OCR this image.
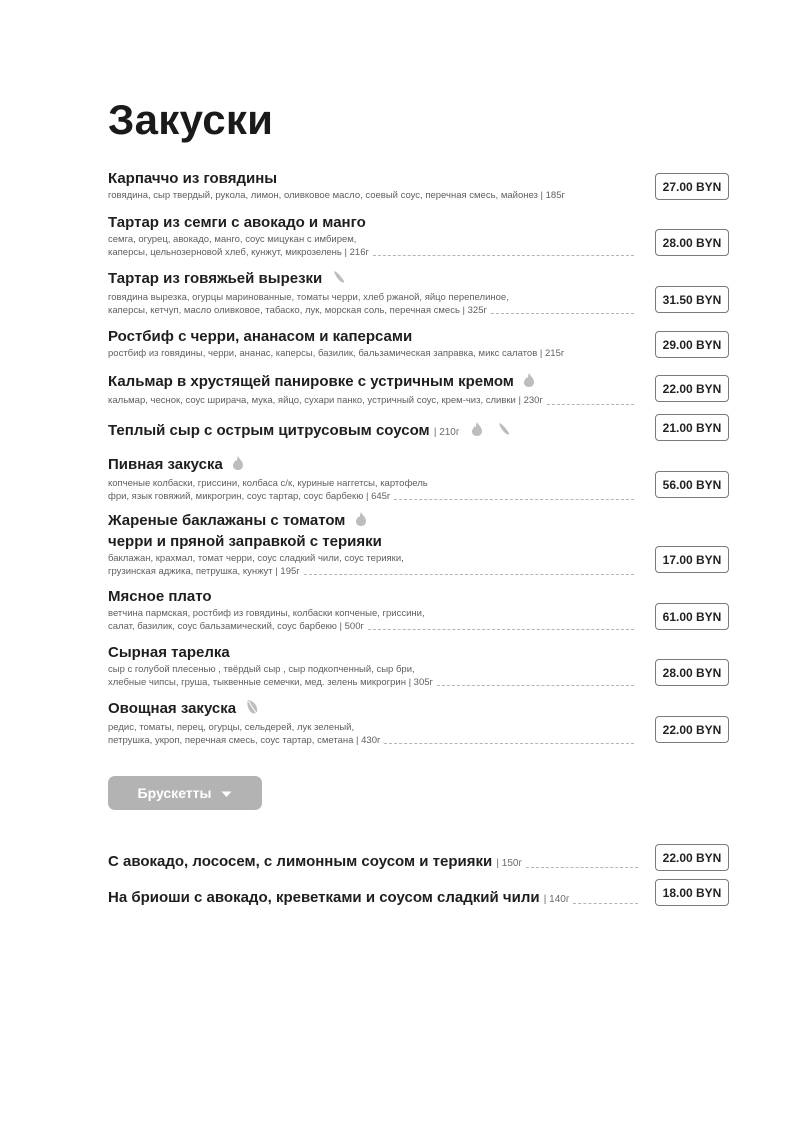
Закуски
Карпаччо из говядины
говядина, сыр твердый, рукола, лимон, оливковое масло, соевый соус, перечная смесь, майонез | 185г
27.00 BYN
Тартар из семги с авокадо и манго
семга, огурец, авокадо, манго, соус мицукан с имбирем,
каперсы, цельнозерновой хлеб, кунжут, микрозелень | 216г
28.00 BYN
Тартар из говяжьей вырезки
говядина вырезка, огурцы маринованные, томаты черри, хлеб ржаной, яйцо перепелиное,
каперсы, кетчуп, масло оливковое, табаско, лук, морская соль, перечная смесь | 325г
31.50 BYN
Ростбиф с черри, ананасом и каперсами
ростбиф из говядины, черри, ананас, каперсы, базилик, бальзамическая заправка, микс салатов | 215г
29.00 BYN
Кальмар в хрустящей панировке с устричным кремом
кальмар, чеснок, соус шрирача, мука, яйцо, сухари панко, устричный соус, крем-чиз, сливки | 230г
22.00 BYN
Теплый сыр с острым цитрусовым соусом | 210г	21.00 BYN
Пивная закуска
копченые колбаски, гриссини, колбаса с/к, куриные наггетсы, картофель
фри, язык говяжий, микрогрин, соус тартар, соус барбекю | 645г
56.00 BYN
Жареные баклажаны с томатом
черри и пряной заправкой с терияки
баклажан, крахмал, томат черри, соус сладкий чили, соус терияки,
грузинская аджика, петрушка, кунжут | 195г
17.00 BYN
Мясное плато
ветчина пармская, ростбиф из говядины, колбаски копченые, гриссини,
салат, базилик, соус бальзамический, соус барбекю | 500г
61.00 BYN
Сырная тарелка
сыр с голубой плесенью , твёрдый сыр , сыр подкопченный, сыр бри,
хлебные чипсы, груша, тыквенные семечки, мед. зелень микрогрин | 305г
28.00 BYN
Овощная закуска
редис, томаты, перец, огурцы, сельдерей, лук зеленый,
петрушка, укроп, перечная смесь, соус тартар, сметана | 430г
22.00 BYN
Брускетты
С авокадо, лососем, с лимонным соусом и терияки | 150г	22.00 BYN
На бриоши с авокадо, креветками и соусом сладкий чили | 140г	18.00 BYN
